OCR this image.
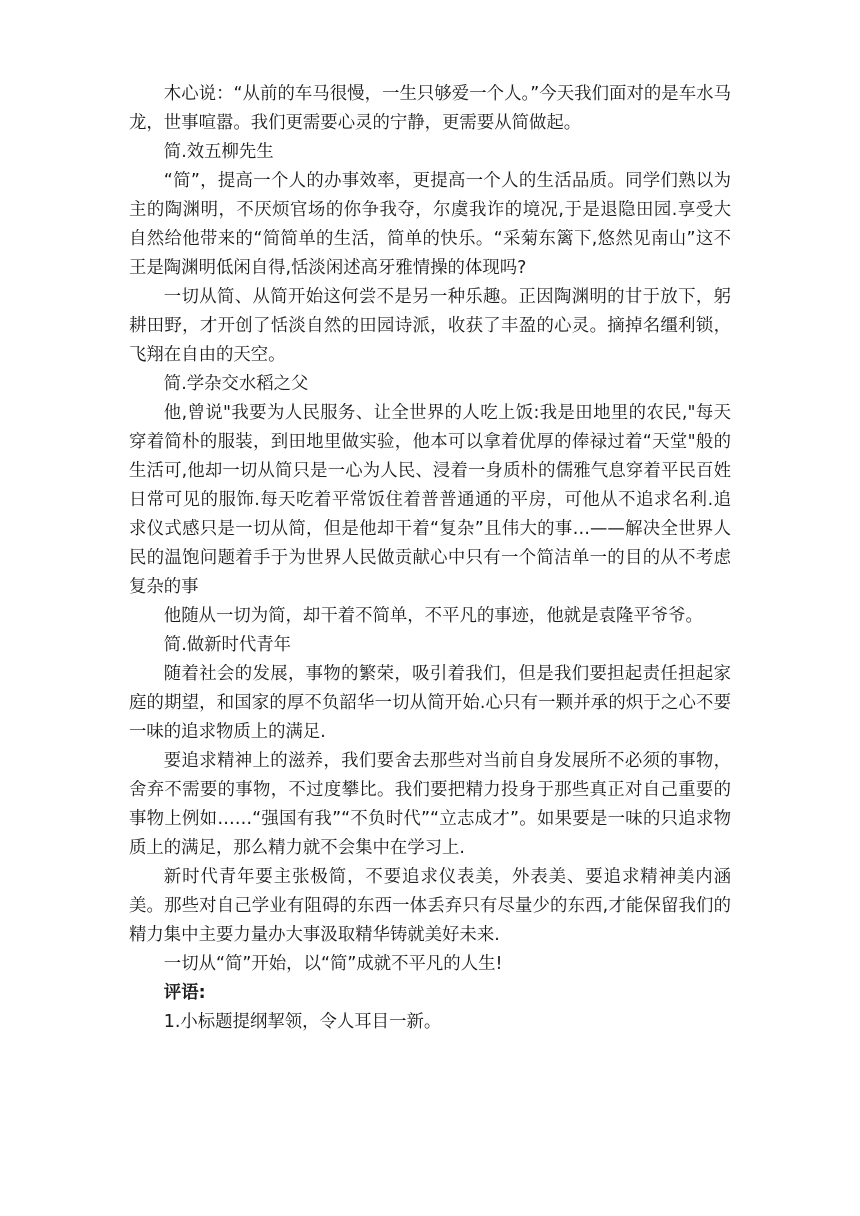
木心说：“从前的车马很慢，一生只够爱一个人。”今天我们面对的是车水马龙，世事喧嚣。我们更需要心灵的宁静，更需要从简做起。

简.效五柳先生

“简”，提高一个人的办事效率，更提高一个人的生活品质。同学们熟以为主的陶渊明，不厌烦官场的你争我夺，尔虞我诈的境况,于是退隐田园.享受大自然给他带来的“简简单的生活，简单的快乐。“采菊东篱下,悠然见南山”这不王是陶渊明低闲自得,恬淡闲述高牙雅情操的体现吗?

一切从简、从简开始这何尝不是另一种乐趣。正因陶渊明的甘于放下，躬耕田野，才开创了恬淡自然的田园诗派，收获了丰盈的心灵。摘掉名缰利锁，飞翔在自由的天空。

简.学杂交水稻之父

他,曾说"我要为人民服务、让全世界的人吃上饭:我是田地里的农民,"每天穿着简朴的服装，到田地里做实验，他本可以拿着优厚的俸禄过着“天堂"般的生活可,他却一切从简只是一心为人民、浸着一身质朴的儒雅气息穿着平民百姓日常可见的服饰.每天吃着平常饭住着普普通通的平房，可他从不追求名利.追求仪式感只是一切从简，但是他却干着“复杂”且伟大的事…——解决全世界人民的温饱问题着手于为世界人民做贡献心中只有一个简洁单一的目的从不考虑复杂的事

他随从一切为简，却干着不简单，不平凡的事迹，他就是袁隆平爷爷。

简.做新时代青年

随着社会的发展，事物的繁荣，吸引着我们，但是我们要担起责任担起家庭的期望，和国家的厚不负韶华一切从简开始.心只有一颗并承的炽于之心不要一味的追求物质上的满足.

要追求精神上的滋养，我们要舍去那些对当前自身发展所不必须的事物，舍弃不需要的事物，不过度攀比。我们要把精力投身于那些真正对自己重要的事物上例如……“强国有我”“不负时代”“立志成才”。如果要是一味的只追求物质上的满足，那么精力就不会集中在学习上.

新时代青年要主张极简，不要追求仪表美，外表美、要追求精神美内涵美。那些对自己学业有阻碍的东西一体丢弃只有尽量少的东西,才能保留我们的精力集中主要力量办大事汲取精华铸就美好未来.

一切从“简”开始，以“简”成就不平凡的人生!

评语:

1.小标题提纲挈领，令人耳目一新。
